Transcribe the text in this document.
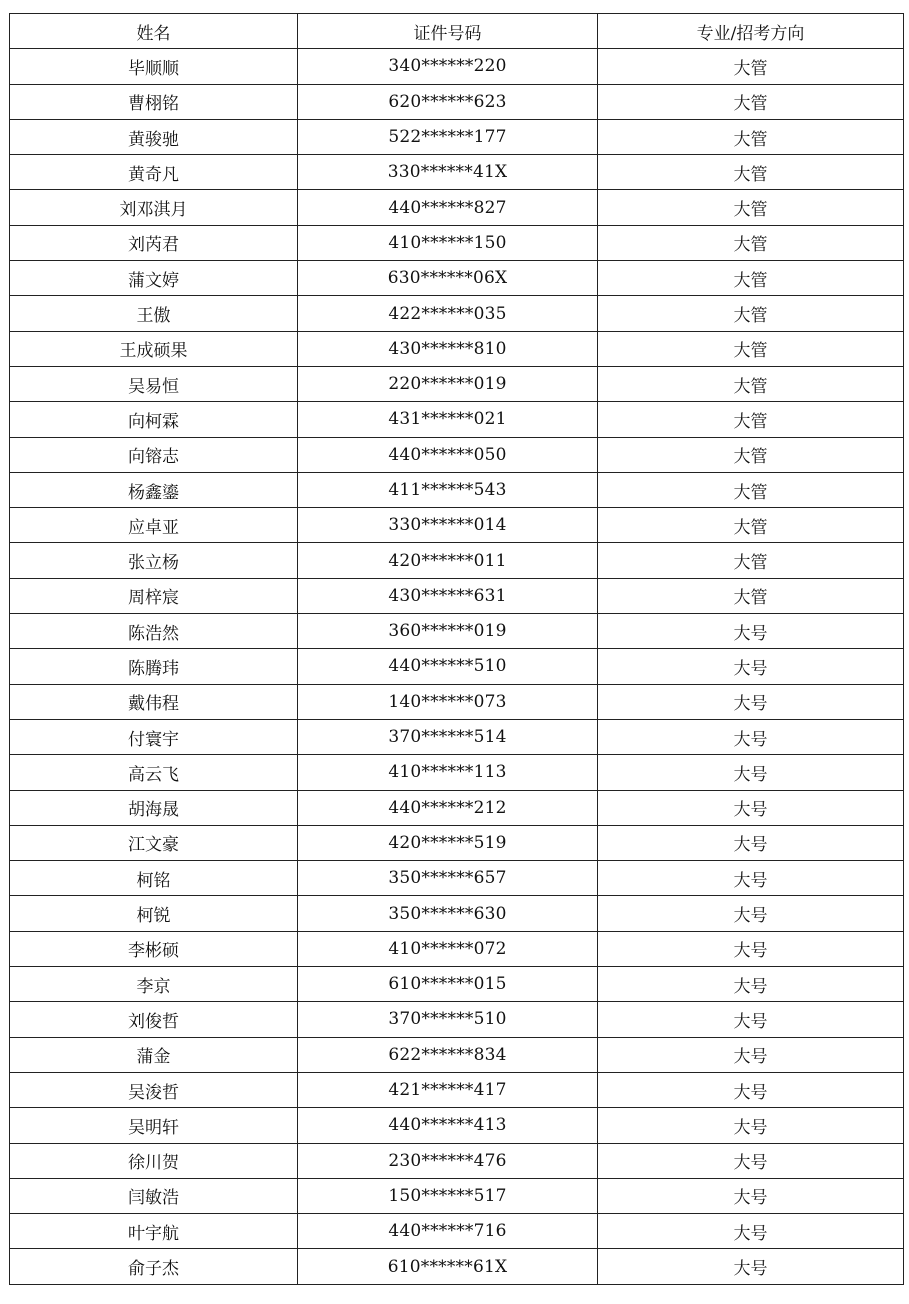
姓名	证件号码	专业/招考方向
毕顺顺	340******220	大管
曹栩铭	620******623	大管
黄骏驰	522******177	大管
黄奇凡	330******41X	大管
刘邓淇月	440******827	大管
刘芮君	410******150	大管
蒲文婷	630******06X	大管
王傲	422******035	大管
王成硕果	430******810	大管
吴易恒	220******019	大管
向柯霖	431******021	大管
向镕志	440******050	大管
杨鑫鎏	411******543	大管
应卓亚	330******014	大管
张立杨	420******011	大管
周梓宸	430******631	大管
陈浩然	360******019	大号
陈腾玮	440******510	大号
戴伟程	140******073	大号
付寰宇	370******514	大号
高云飞	410******113	大号
胡海晟	440******212	大号
江文豪	420******519	大号
柯铭	350******657	大号
柯锐	350******630	大号
李彬硕	410******072	大号
李京	610******015	大号
刘俊哲	370******510	大号
蒲金	622******834	大号
吴浚哲	421******417	大号
吴明轩	440******413	大号
徐川贺	230******476	大号
闫敏浩	150******517	大号
叶宇航	440******716	大号
俞子杰	610******61X	大号
